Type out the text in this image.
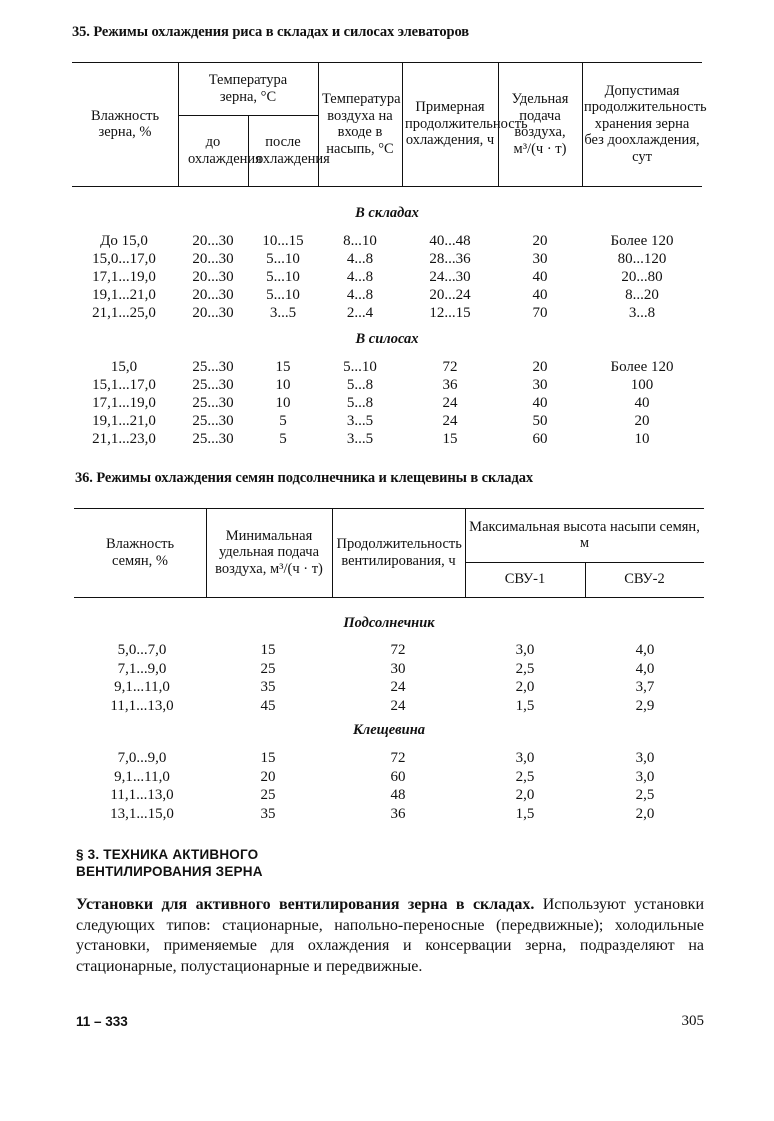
35. Режимы охлаждения риса в складах и силосах элеваторов
Влажность зерна, %
Температура зерна, °С
до охлаждения
после охлаждения
Температура воздуха на входе в насыпь, °С
Примерная продолжительность охлаждения, ч
Удельная подача воздуха, м³/(ч · т)
Допустимая продолжительность хранения зерна без доохлаждения, сут
В складах
До 15,0	20...30	10...15	8...10	40...48	20	Более 120
15,0...17,0	20...30	5...10	4...8	28...36	30	80...120
17,1...19,0	20...30	5...10	4...8	24...30	40	20...80
19,1...21,0	20...30	5...10	4...8	20...24	40	8...20
21,1...25,0	20...30	3...5	2...4	12...15	70	3...8
В силосах
15,0	25...30	15	5...10	72	20	Более 120
15,1...17,0	25...30	10	5...8	36	30	100
17,1...19,0	25...30	10	5...8	24	40	40
19,1...21,0	25...30	5	3...5	24	50	20
21,1...23,0	25...30	5	3...5	15	60	10
36. Режимы охлаждения семян подсолнечника и клещевины в складах
Влажность семян, %
Минимальная удельная подача воздуха, м³/(ч · т)
Продолжительность вентилирования, ч
Максимальная высота насыпи семян, м
СВУ-1	СВУ-2
Подсолнечник
5,0...7,0	15	72	3,0	4,0
7,1...9,0	25	30	2,5	4,0
9,1...11,0	35	24	2,0	3,7
11,1...13,0	45	24	1,5	2,9
Клещевина
7,0...9,0	15	72	3,0	3,0
9,1...11,0	20	60	2,5	3,0
11,1...13,0	25	48	2,0	2,5
13,1...15,0	35	36	1,5	2,0
§ 3. ТЕХНИКА АКТИВНОГО
ВЕНТИЛИРОВАНИЯ ЗЕРНА
Установки для активного вентилирования зерна в складах. Используют установки следующих типов: стационарные, напольно-переносные (передвижные); холодильные установки, применяемые для охлаждения и консервации зерна, подразделяют на стационарные, полустационарные и передвижные.
11 – 333	305
